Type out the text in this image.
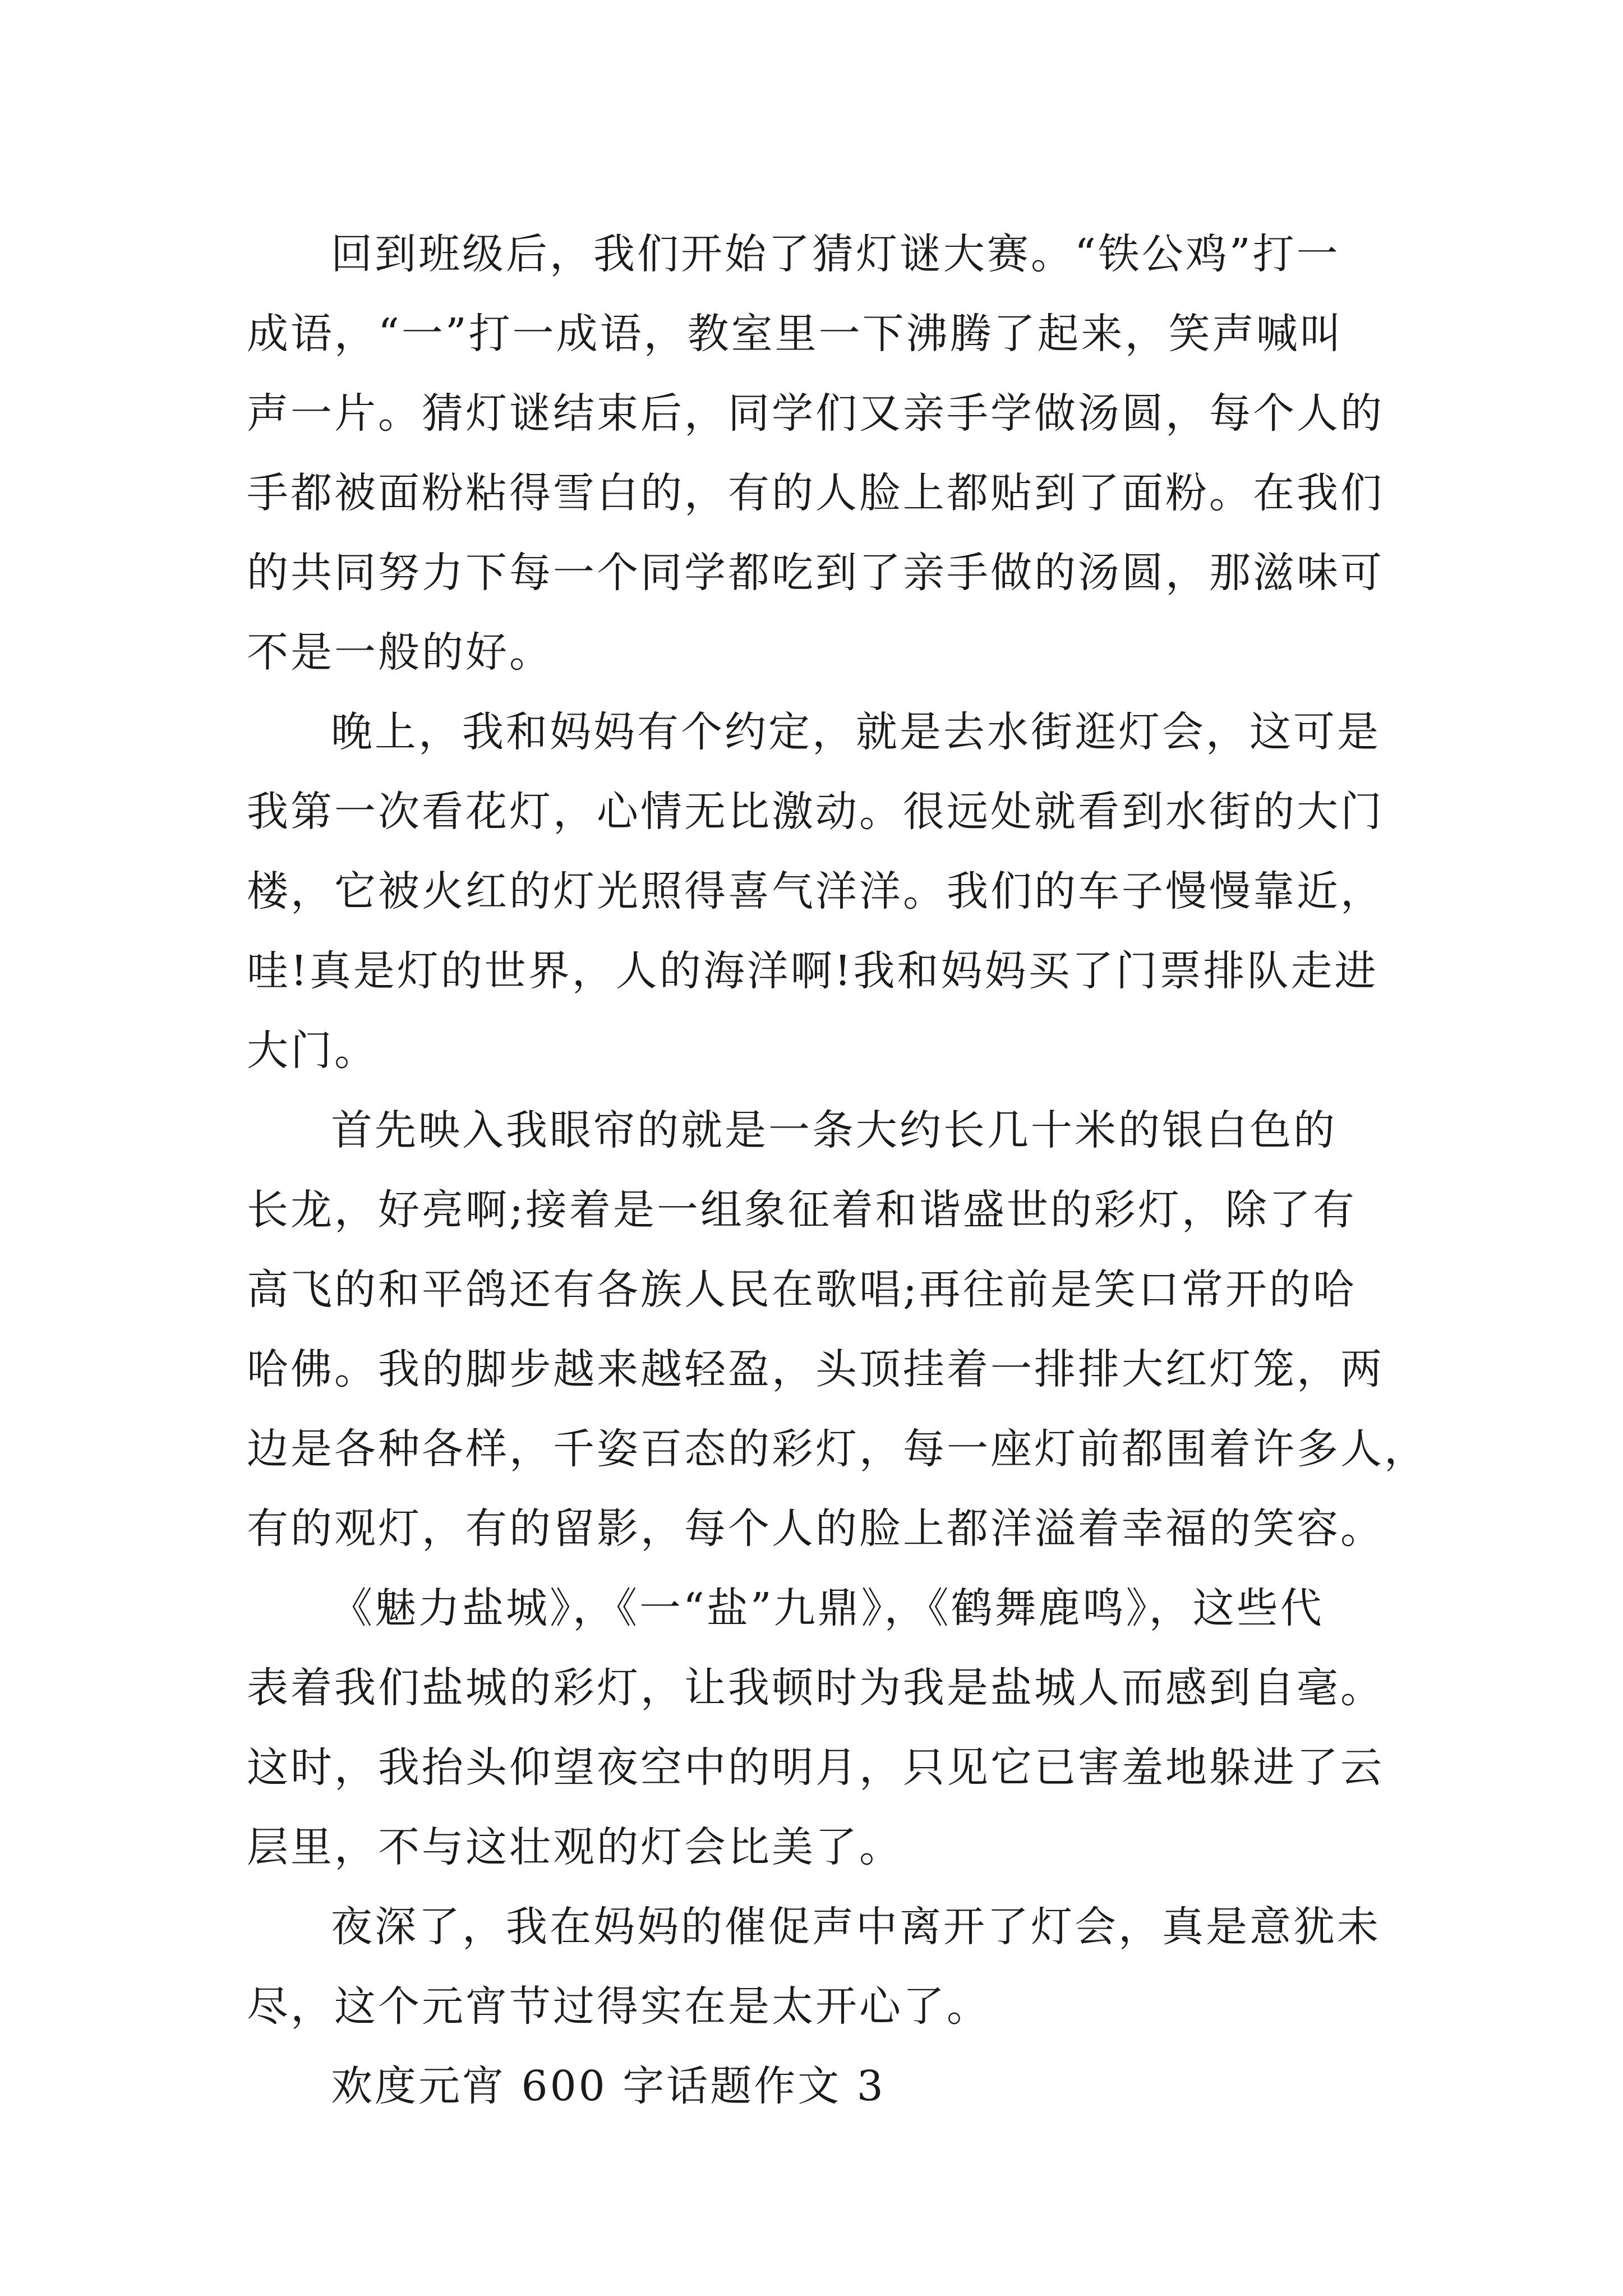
回到班级后，我们开始了猜灯谜大赛。“铁公鸡”打一
成语，“一”打一成语，教室里一下沸腾了起来，笑声喊叫
声一片。猜灯谜结束后，同学们又亲手学做汤圆，每个人的
手都被面粉粘得雪白的，有的人脸上都贴到了面粉。在我们
的共同努力下每一个同学都吃到了亲手做的汤圆，那滋味可
不是一般的好。
晚上，我和妈妈有个约定，就是去水街逛灯会，这可是
我第一次看花灯，心情无比激动。很远处就看到水街的大门
楼，它被火红的灯光照得喜气洋洋。我们的车子慢慢靠近，
哇!真是灯的世界，人的海洋啊!我和妈妈买了门票排队走进
大门。
首先映入我眼帘的就是一条大约长几十米的银白色的
长龙，好亮啊;接着是一组象征着和谐盛世的彩灯，除了有
高飞的和平鸽还有各族人民在歌唱;再往前是笑口常开的哈
哈佛。我的脚步越来越轻盈，头顶挂着一排排大红灯笼，两
边是各种各样，千姿百态的彩灯，每一座灯前都围着许多人，
有的观灯，有的留影，每个人的脸上都洋溢着幸福的笑容。
《魅力盐城》，《一“盐”九鼎》，《鹤舞鹿鸣》，这些代
表着我们盐城的彩灯，让我顿时为我是盐城人而感到自毫。
这时，我抬头仰望夜空中的明月，只见它已害羞地躲进了云
层里，不与这壮观的灯会比美了。
夜深了，我在妈妈的催促声中离开了灯会，真是意犹未
尽，这个元宵节过得实在是太开心了。
欢度元宵 600 字话题作文 3
